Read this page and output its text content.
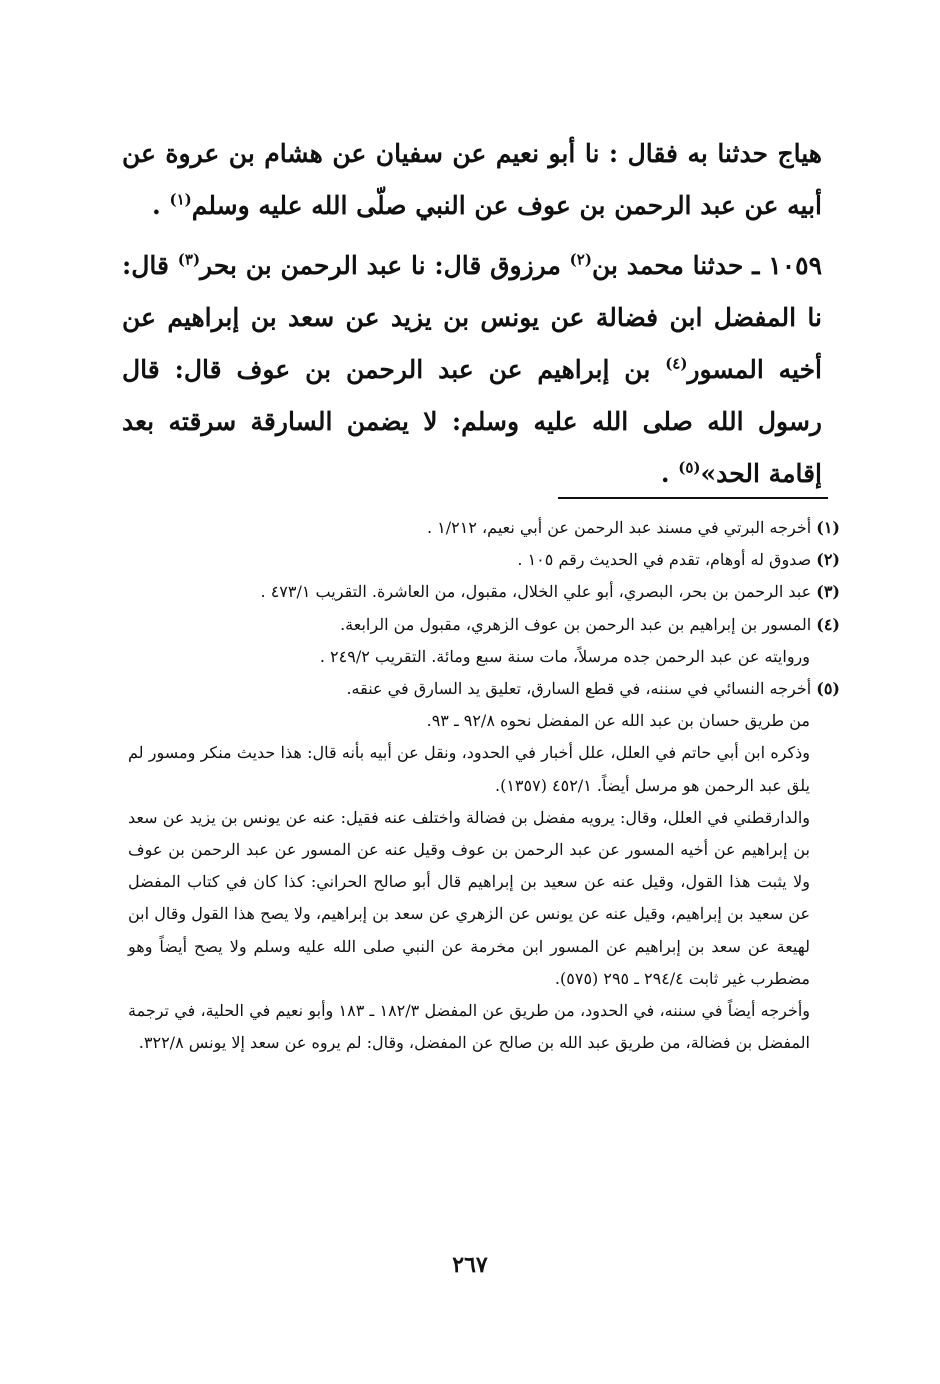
هياج حدثنا به فقال : نا أبو نعيم عن سفيان عن هشام بن عروة عن أبيه عن عبد الرحمن بن عوف عن النبي صلّى الله عليه وسلم$^{(١)}$ .

١٠٥٩ ـ حدثنا محمد بن$^{(٢)}$ مرزوق قال: نا عبد الرحمن بن بحر$^{(٣)}$ قال: نا المفضل ابن فضالة عن يونس بن يزيد عن سعد بن إبراهيم عن أخيه المسور$^{(٤)}$ بن إبراهيم عن عبد الرحمن بن عوف قال: قال رسول الله صلى الله عليه وسلم: لا يضمن السارقة سرقته بعد إقامة الحد»$^{(٥)}$ .

(١) أخرجه البرتي في مسند عبد الرحمن عن أبي نعيم، ١/٢١٢ .

(٢) صدوق له أوهام، تقدم في الحديث رقم ١٠٥ .

(٣) عبد الرحمن بن بحر، البصري، أبو علي الخلال، مقبول، من العاشرة. التقريب ٤٧٣/١ .

(٤) المسور بن إبراهيم بن عبد الرحمن بن عوف الزهري، مقبول من الرابعة.

وروايته عن عبد الرحمن جده مرسلاً، مات سنة سبع ومائة. التقريب ٢٤٩/٢ .

(٥) أخرجه النسائي في سننه، في قطع السارق، تعليق يد السارق في عنقه.

من طريق حسان بن عبد الله عن المفضل نحوه ٩٢/٨ ـ ٩٣.

وذكره ابن أبي حاتم في العلل، علل أخبار في الحدود، ونقل عن أبيه بأنه قال: هذا حديث منكر ومسور لم يلق عبد الرحمن هو مرسل أيضاً. ٤٥٢/١ (١٣٥٧).

والدارقطني في العلل، وقال: يرويه مفضل بن فضالة واختلف عنه فقيل: عنه عن يونس بن يزيد عن سعد بن إبراهيم عن أخيه المسور عن عبد الرحمن بن عوف وقيل عنه عن المسور عن عبد الرحمن بن عوف ولا يثبت هذا القول، وقيل عنه عن سعيد بن إبراهيم قال أبو صالح الحراني: كذا كان في كتاب المفضل عن سعيد بن إبراهيم، وقيل عنه عن يونس عن الزهري عن سعد بن إبراهيم، ولا يصح هذا القول وقال ابن لهيعة عن سعد بن إبراهيم عن المسور ابن مخرمة عن النبي صلى الله عليه وسلم ولا يصح أيضاً وهو مضطرب غير ثابت ٢٩٤/٤ ـ ٢٩٥ (٥٧٥).

وأخرجه أيضاً في سننه، في الحدود، من طريق عن المفضل ١٨٢/٣ ـ ١٨٣ وأبو نعيم في الحلية، في ترجمة المفضل بن فضالة، من طريق عبد الله بن صالح عن المفضل، وقال: لم يروه عن سعد إلا يونس ٣٢٢/٨.

٢٦٧
